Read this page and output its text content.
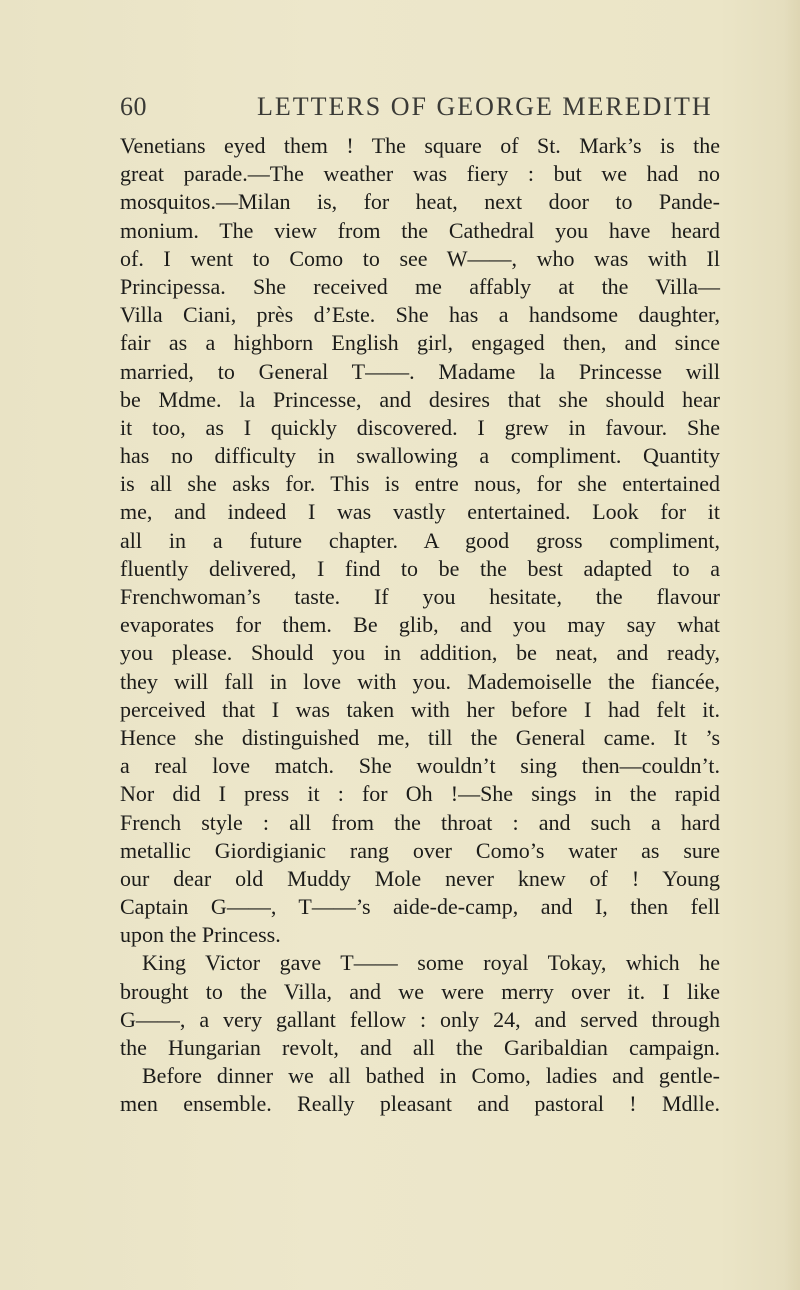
60	LETTERS OF GEORGE MEREDITH
Venetians eyed them ! The square of St. Mark’s is the
great parade.—The weather was fiery : but we had no
mosquitos.—Milan is, for heat, next door to Pande-
monium. The view from the Cathedral you have heard
of. I went to Como to see W——, who was with Il
Principessa. She received me affably at the Villa—
Villa Ciani, près d’Este. She has a handsome daughter,
fair as a highborn English girl, engaged then, and since
married, to General T——. Madame la Princesse will
be Mdme. la Princesse, and desires that she should hear
it too, as I quickly discovered. I grew in favour. She
has no difficulty in swallowing a compliment. Quantity
is all she asks for. This is entre nous, for she entertained
me, and indeed I was vastly entertained. Look for it
all in a future chapter. A good gross compliment,
fluently delivered, I find to be the best adapted to a
Frenchwoman’s taste. If you hesitate, the flavour
evaporates for them. Be glib, and you may say what
you please. Should you in addition, be neat, and ready,
they will fall in love with you. Mademoiselle the fiancée,
perceived that I was taken with her before I had felt it.
Hence she distinguished me, till the General came. It ’s
a real love match. She wouldn’t sing then—couldn’t.
Nor did I press it : for Oh !—She sings in the rapid
French style : all from the throat : and such a hard
metallic Giordigianic rang over Como’s water as sure
our dear old Muddy Mole never knew of ! Young
Captain G——, T——’s aide-de-camp, and I, then fell
upon the Princess.
King Victor gave T—— some royal Tokay, which he
brought to the Villa, and we were merry over it. I like
G——, a very gallant fellow : only 24, and served through
the Hungarian revolt, and all the Garibaldian campaign.
Before dinner we all bathed in Como, ladies and gentle-
men ensemble. Really pleasant and pastoral ! Mdlle.
